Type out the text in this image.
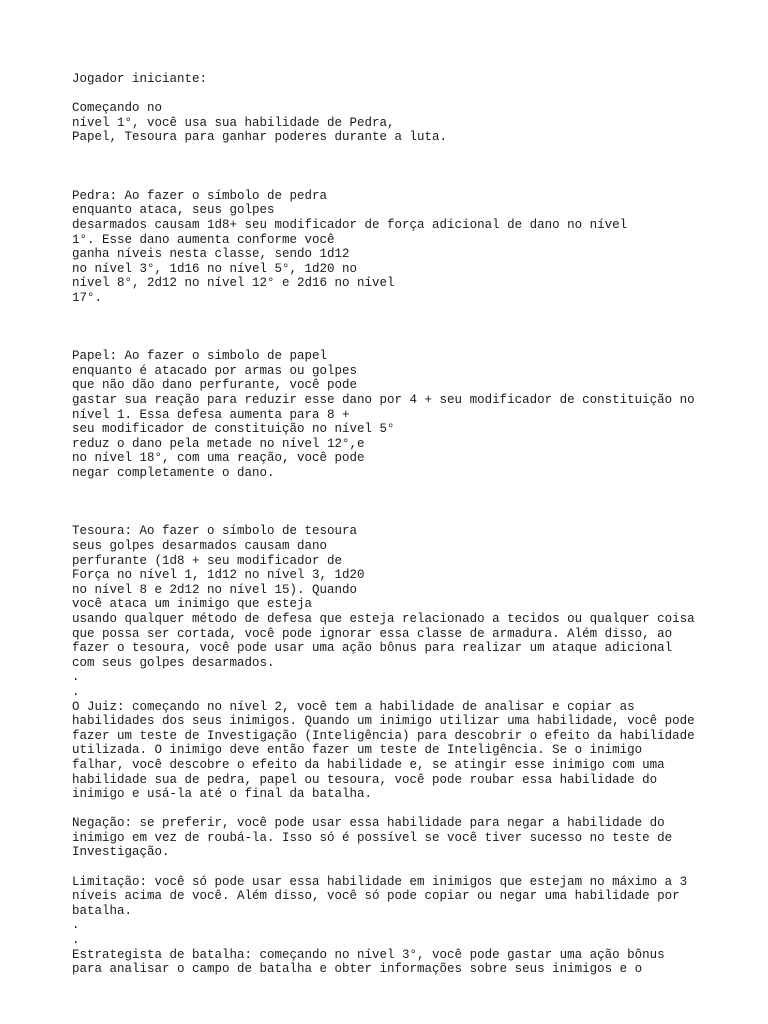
Jogador iniciante:
Começando no
nível 1°, você usa sua habilidade de Pedra,
Papel, Tesoura para ganhar poderes durante a luta.
Pedra: Ao fazer o símbolo de pedra
enquanto ataca, seus golpes
desarmados causam 1d8+ seu modificador de força adicional de dano no nível
1°. Esse dano aumenta conforme você
ganha níveis nesta classe, sendo 1d12
no nível 3°, 1d16 no nível 5°, 1d20 no
nível 8°, 2d12 no nível 12° e 2d16 no nível
17°.
Papel: Ao fazer o simbolo de papel
enquanto é atacado por armas ou golpes
que não dão dano perfurante, você pode
gastar sua reação para reduzir esse dano por 4 + seu modificador de constituição no
nível 1. Essa defesa aumenta para 8 +
seu modificador de constituição no nível 5°
reduz o dano pela metade no nível 12°,e
no nível 18°, com uma reação, você pode
negar completamente o dano.
Tesoura: Ao fazer o símbolo de tesoura
seus golpes desarmados causam dano
perfurante (1d8 + seu modificador de
Força no nível 1, 1d12 no nível 3, 1d20
no nível 8 e 2d12 no nível 15). Quando
você ataca um inimigo que esteja
usando qualquer método de defesa que esteja relacionado a tecidos ou qualquer coisa
que possa ser cortada, você pode ignorar essa classe de armadura. Além disso, ao
fazer o tesoura, você pode usar uma ação bônus para realizar um ataque adicional
com seus golpes desarmados.
.
.
O Juiz: começando no nível 2, você tem a habilidade de analisar e copiar as
habilidades dos seus inimigos. Quando um inimigo utilizar uma habilidade, você pode
fazer um teste de Investigação (Inteligência) para descobrir o efeito da habilidade
utilizada. O inimigo deve então fazer um teste de Inteligência. Se o inimigo
falhar, você descobre o efeito da habilidade e, se atingir esse inimigo com uma
habilidade sua de pedra, papel ou tesoura, você pode roubar essa habilidade do
inimigo e usá-la até o final da batalha.
Negação: se preferir, você pode usar essa habilidade para negar a habilidade do
inimigo em vez de roubá-la. Isso só é possível se você tiver sucesso no teste de
Investigação.
Limitação: você só pode usar essa habilidade em inimigos que estejam no máximo a 3
níveis acima de você. Além disso, você só pode copiar ou negar uma habilidade por
batalha.
.
.
Estrategista de batalha: começando no nível 3°, você pode gastar uma ação bônus
para analisar o campo de batalha e obter informações sobre seus inimigos e o
